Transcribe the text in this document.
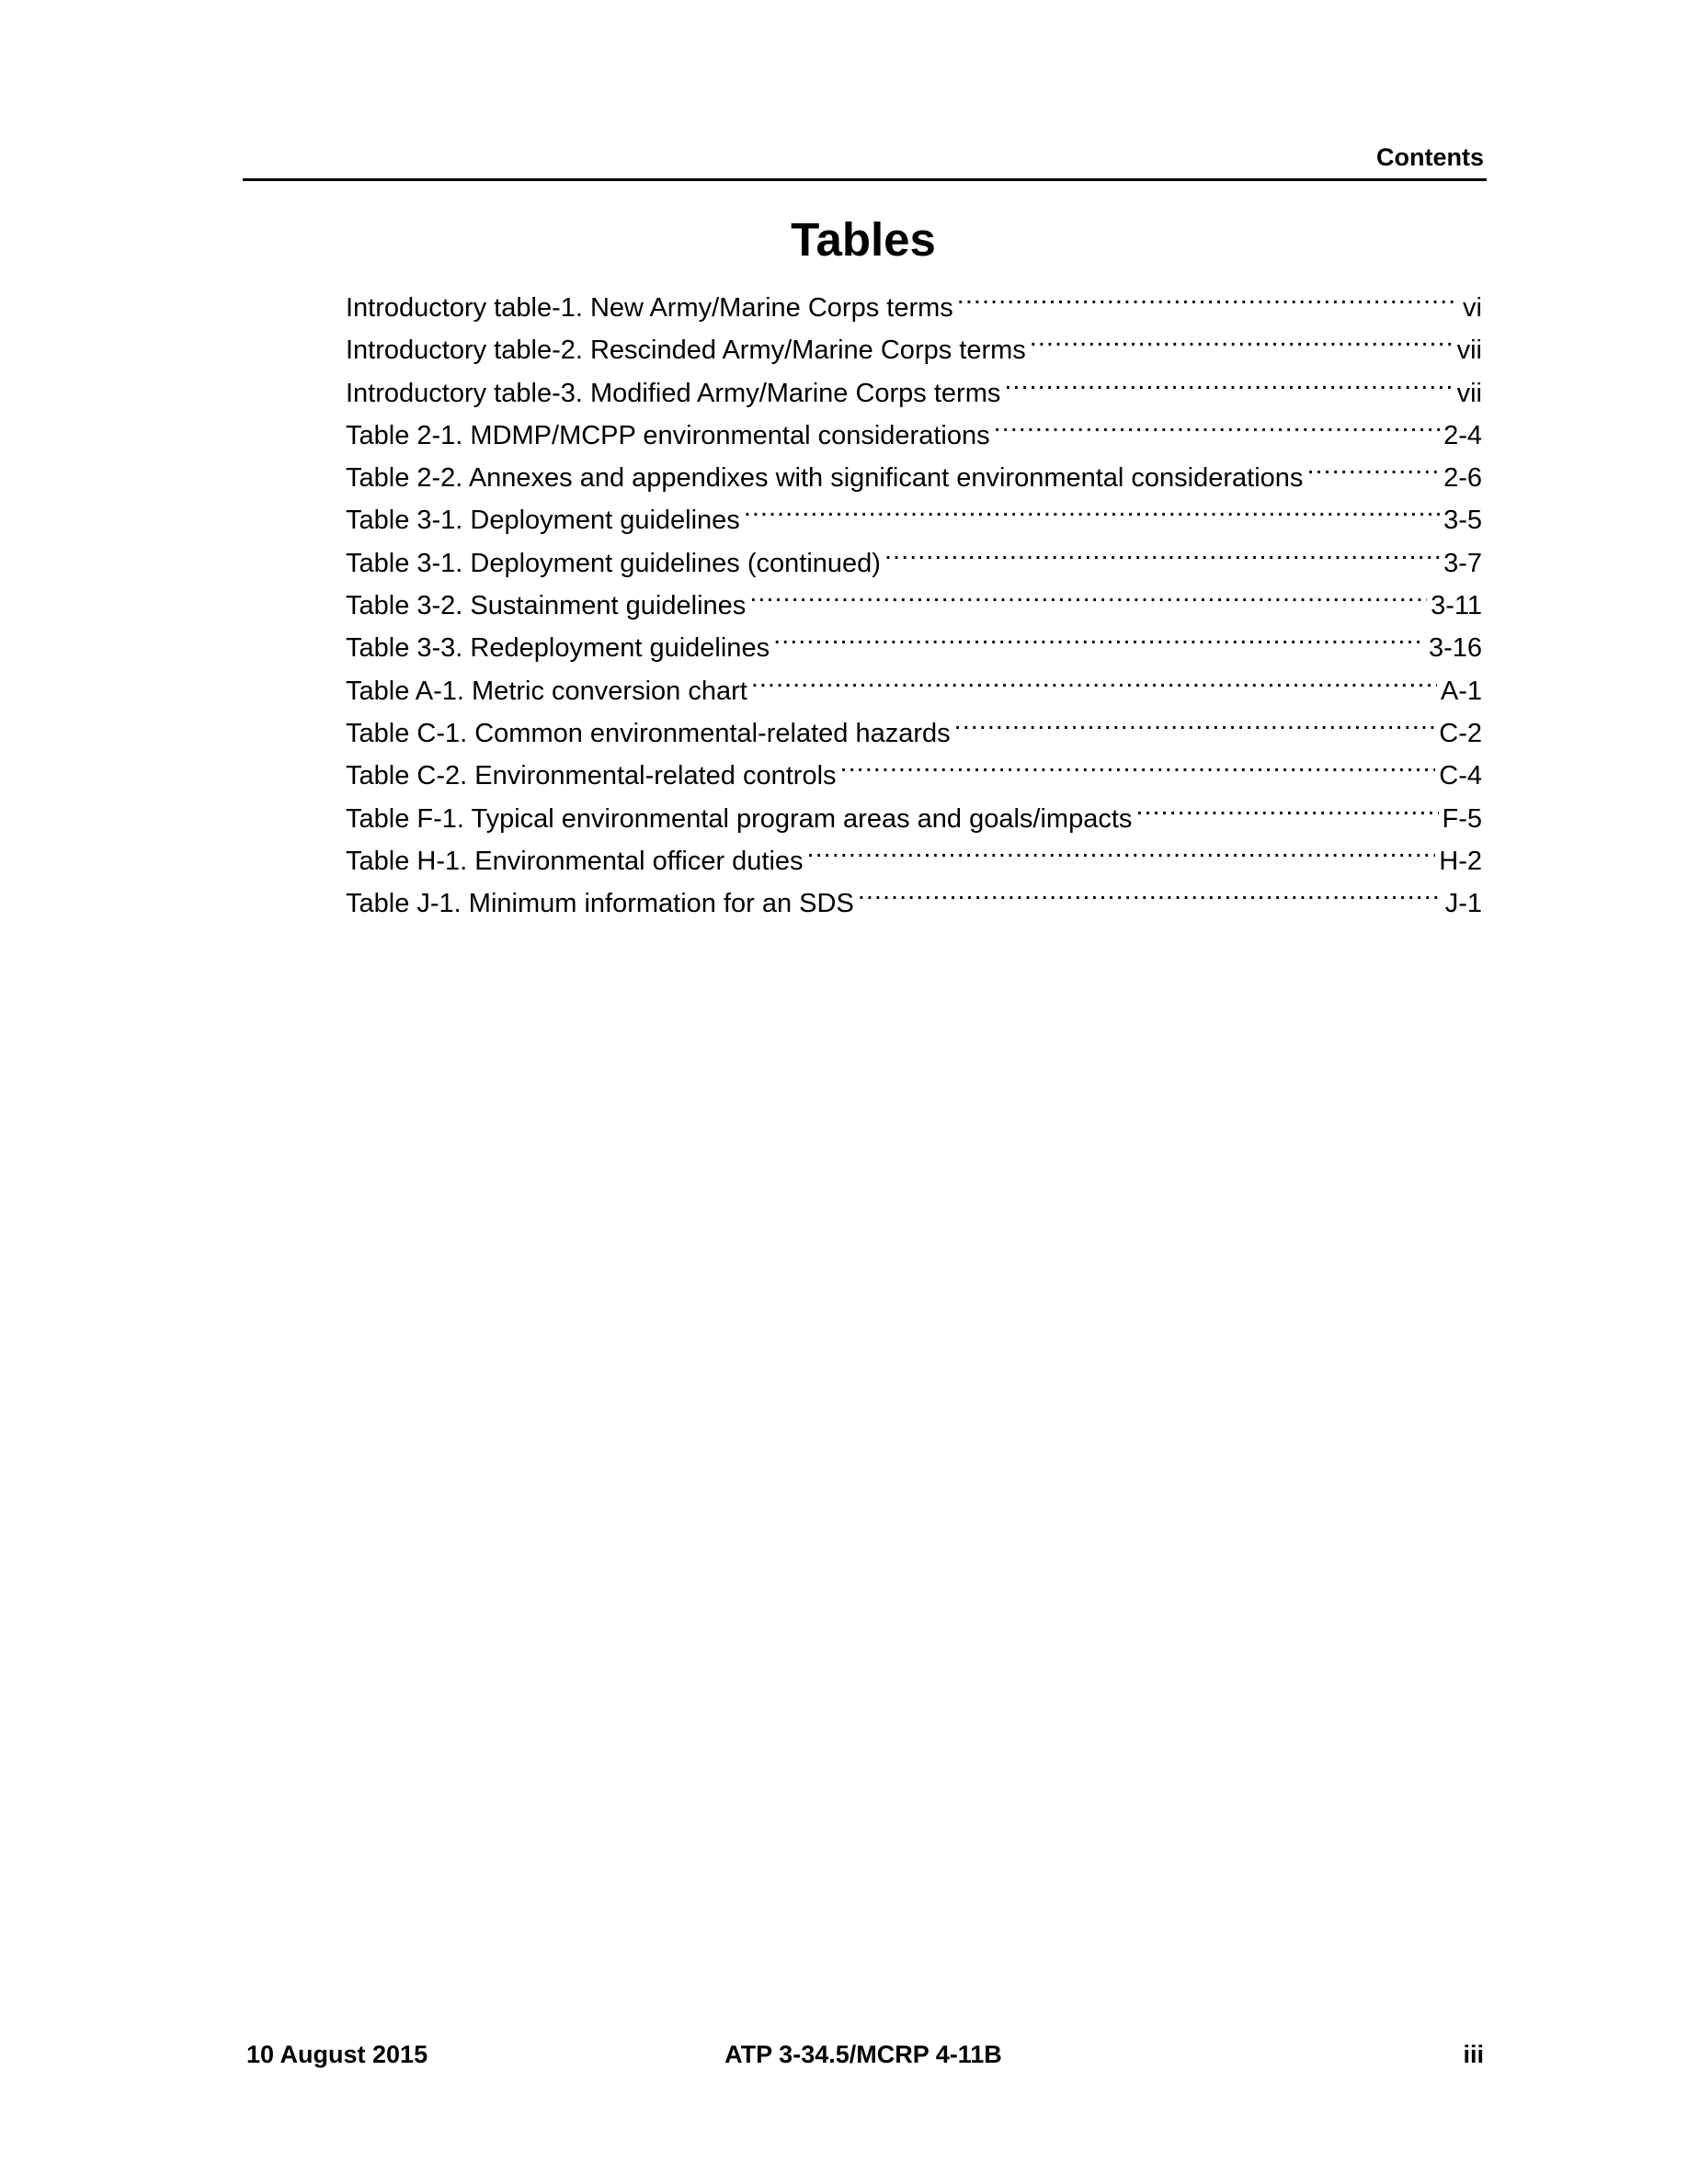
Contents
Tables
Introductory table-1. New Army/Marine Corps terms .....	vi
Introductory table-2. Rescinded Army/Marine Corps terms .....	vii
Introductory table-3. Modified Army/Marine Corps terms .....	vii
Table 2-1. MDMP/MCPP environmental considerations .....	2-4
Table 2-2. Annexes and appendixes with significant environmental considerations .....	2-6
Table 3-1. Deployment guidelines .....	3-5
Table 3-1. Deployment guidelines (continued) .....	3-7
Table 3-2. Sustainment guidelines .....	3-11
Table 3-3. Redeployment guidelines .....	3-16
Table A-1. Metric conversion chart .....	A-1
Table C-1. Common environmental-related hazards .....	C-2
Table C-2. Environmental-related controls .....	C-4
Table F-1. Typical environmental program areas and goals/impacts .....	F-5
Table H-1. Environmental officer duties .....	H-2
Table J-1. Minimum information for an SDS .....	J-1
10 August 2015	ATP 3-34.5/MCRP 4-11B	iii
